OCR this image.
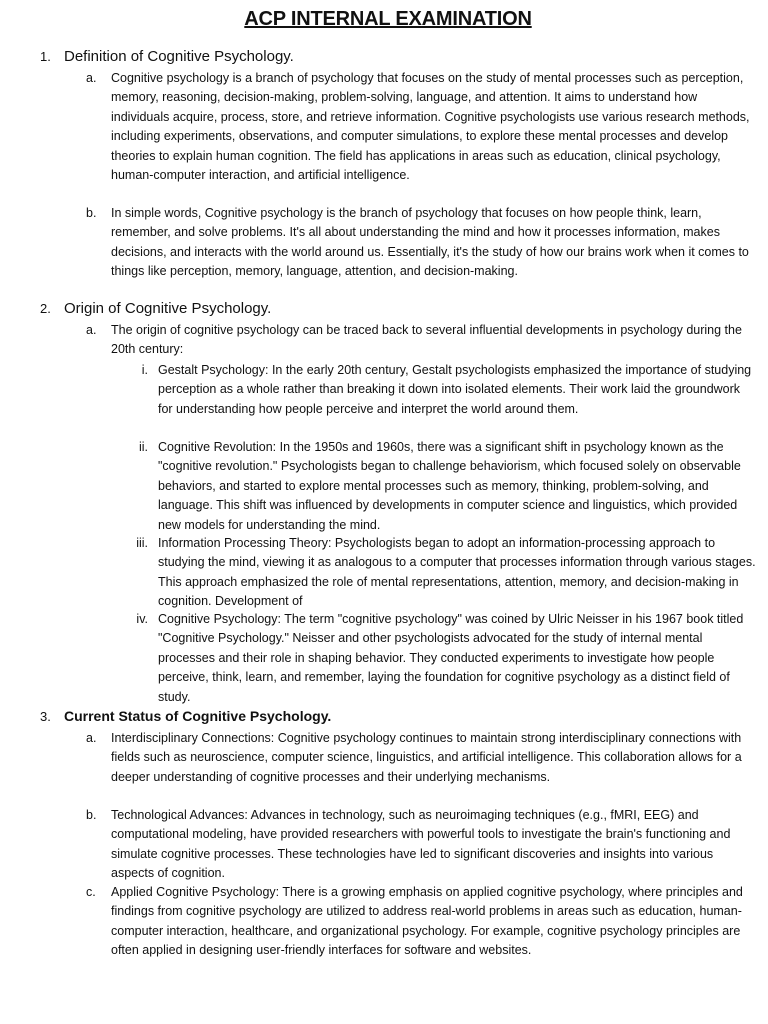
ACP INTERNAL EXAMINATION
1. Definition of Cognitive Psychology.
a. Cognitive psychology is a branch of psychology that focuses on the study of mental processes such as perception, memory, reasoning, decision-making, problem-solving, language, and attention. It aims to understand how individuals acquire, process, store, and retrieve information. Cognitive psychologists use various research methods, including experiments, observations, and computer simulations, to explore these mental processes and develop theories to explain human cognition. The field has applications in areas such as education, clinical psychology, human-computer interaction, and artificial intelligence.
b. In simple words, Cognitive psychology is the branch of psychology that focuses on how people think, learn, remember, and solve problems. It's all about understanding the mind and how it processes information, makes decisions, and interacts with the world around us. Essentially, it's the study of how our brains work when it comes to things like perception, memory, language, attention, and decision-making.
2. Origin of Cognitive Psychology.
a. The origin of cognitive psychology can be traced back to several influential developments in psychology during the 20th century:
i. Gestalt Psychology: In the early 20th century, Gestalt psychologists emphasized the importance of studying perception as a whole rather than breaking it down into isolated elements. Their work laid the groundwork for understanding how people perceive and interpret the world around them.
ii. Cognitive Revolution: In the 1950s and 1960s, there was a significant shift in psychology known as the "cognitive revolution." Psychologists began to challenge behaviorism, which focused solely on observable behaviors, and started to explore mental processes such as memory, thinking, problem-solving, and language. This shift was influenced by developments in computer science and linguistics, which provided new models for understanding the mind.
iii. Information Processing Theory: Psychologists began to adopt an information-processing approach to studying the mind, viewing it as analogous to a computer that processes information through various stages. This approach emphasized the role of mental representations, attention, memory, and decision-making in cognition. Development of
iv. Cognitive Psychology: The term "cognitive psychology" was coined by Ulric Neisser in his 1967 book titled "Cognitive Psychology." Neisser and other psychologists advocated for the study of internal mental processes and their role in shaping behavior. They conducted experiments to investigate how people perceive, think, learn, and remember, laying the foundation for cognitive psychology as a distinct field of study.
3. Current Status of Cognitive Psychology.
a. Interdisciplinary Connections: Cognitive psychology continues to maintain strong interdisciplinary connections with fields such as neuroscience, computer science, linguistics, and artificial intelligence. This collaboration allows for a deeper understanding of cognitive processes and their underlying mechanisms.
b. Technological Advances: Advances in technology, such as neuroimaging techniques (e.g., fMRI, EEG) and computational modeling, have provided researchers with powerful tools to investigate the brain's functioning and simulate cognitive processes. These technologies have led to significant discoveries and insights into various aspects of cognition.
c. Applied Cognitive Psychology: There is a growing emphasis on applied cognitive psychology, where principles and findings from cognitive psychology are utilized to address real-world problems in areas such as education, human-computer interaction, healthcare, and organizational psychology. For example, cognitive psychology principles are often applied in designing user-friendly interfaces for software and websites.
